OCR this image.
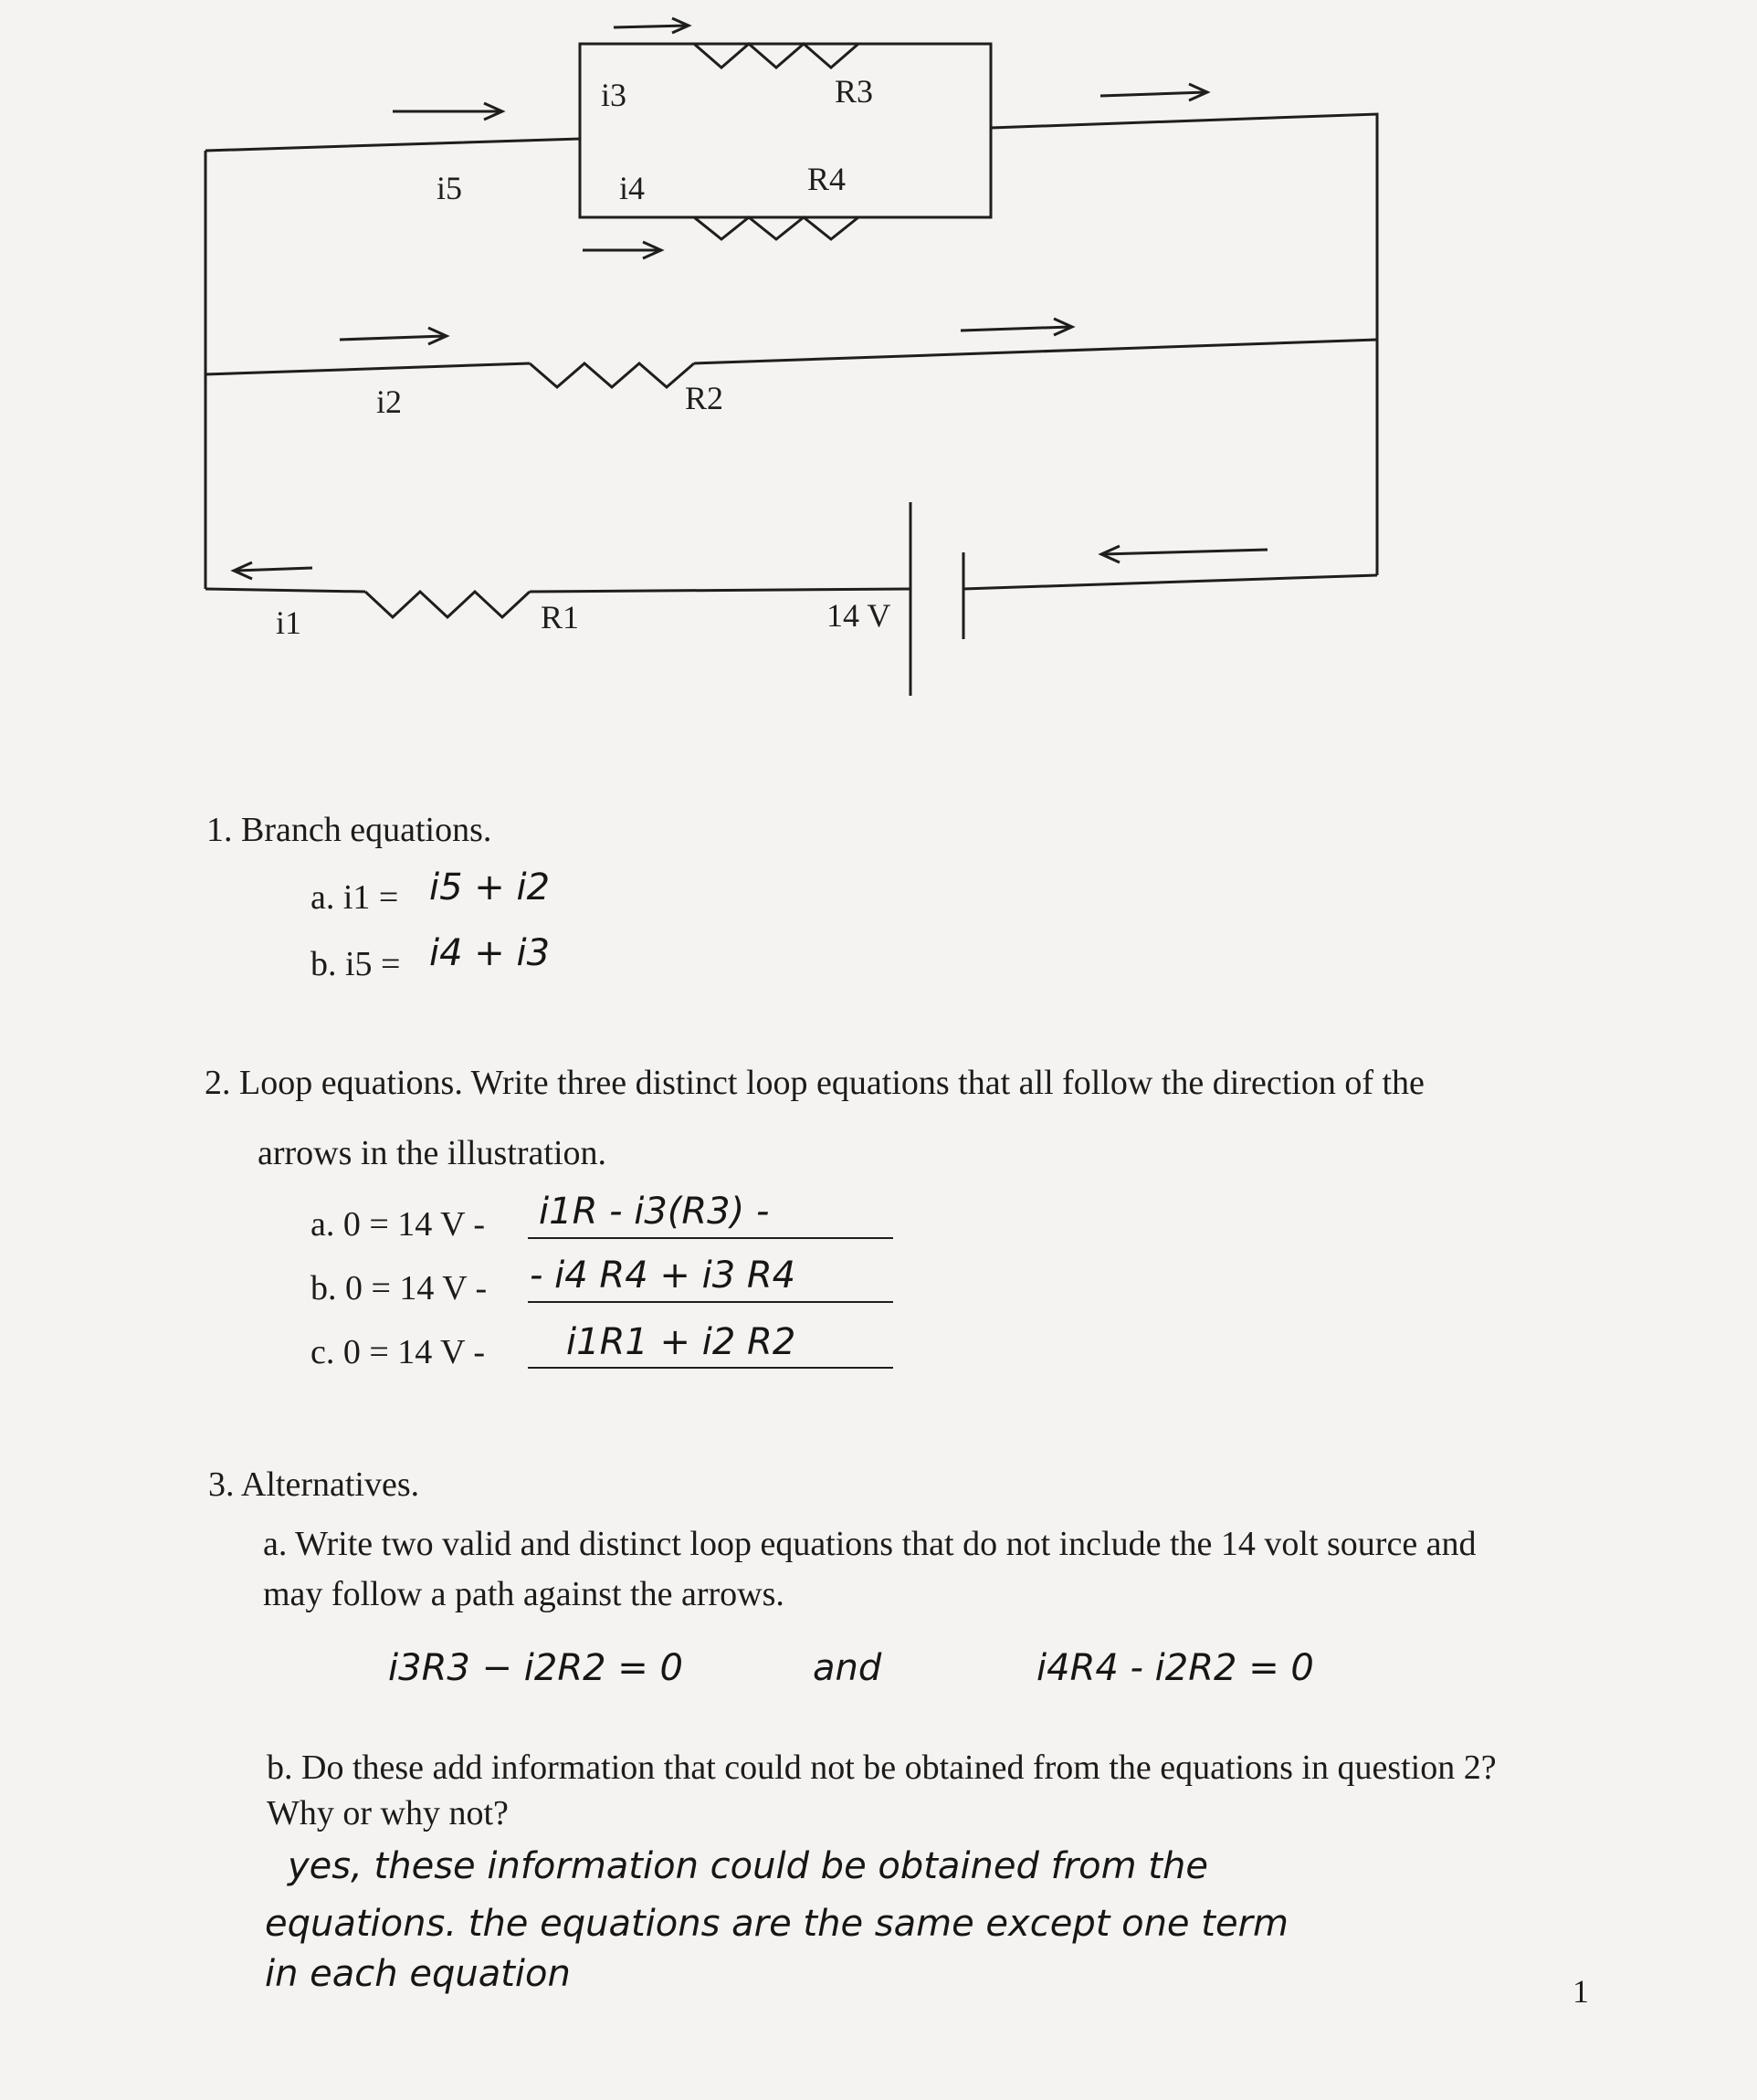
i3	R3
i5	i4	R4
i2	R2
i1	R1	14 V
1. Branch equations.
a. i1 = i5 + i2
b. i5 = i4 + i3
2. Loop equations. Write three distinct loop equations that all follow the direction of the
arrows in the illustration.
a. 0 = 14 V - i1R - i3(R3) -
b. 0 = 14 V - - i4 R4 + i3 R4
c. 0 = 14 V - i1R1 + i2 R2
3. Alternatives.
a. Write two valid and distinct loop equations that do not include the 14 volt source and
may follow a path against the arrows.
i3R3 − i2R2 = 0	and	i4R4 - i2R2 = 0
b. Do these add information that could not be obtained from the equations in question 2?
Why or why not?
yes, these information could be obtained from the
equations. the equations are the same except one term
in each equation	1
